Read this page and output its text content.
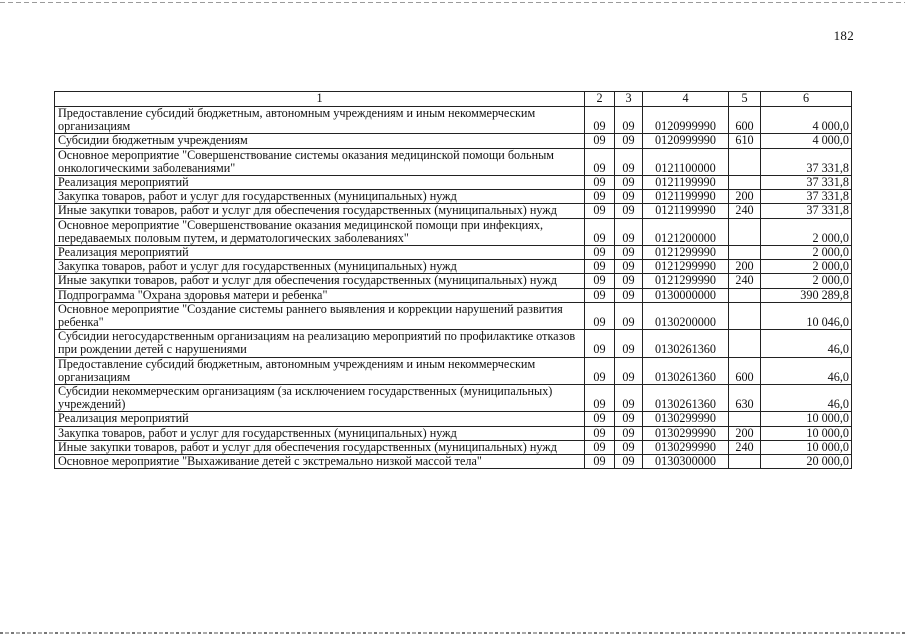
182
1	2	3	4	5	6
Предоставление субсидий бюджетным, автономным учреждениям и иным некоммерческим организациям	09	09	0120999990	600	4 000,0
Субсидии бюджетным учреждениям	09	09	0120999990	610	4 000,0
Основное мероприятие "Совершенствование системы оказания медицинской помощи больным онкологическими заболеваниями"	09	09	0121100000		37 331,8
Реализация мероприятий	09	09	0121199990		37 331,8
Закупка товаров, работ и услуг для государственных (муниципальных) нужд	09	09	0121199990	200	37 331,8
Иные закупки товаров, работ и услуг для обеспечения государственных (муниципальных) нужд	09	09	0121199990	240	37 331,8
Основное мероприятие "Совершенствование оказания медицинской помощи при инфекциях, передаваемых половым путем, и дерматологических заболеваниях"	09	09	0121200000		2 000,0
Реализация мероприятий	09	09	0121299990		2 000,0
Закупка товаров, работ и услуг для государственных (муниципальных) нужд	09	09	0121299990	200	2 000,0
Иные закупки товаров, работ и услуг для обеспечения государственных (муниципальных) нужд	09	09	0121299990	240	2 000,0
Подпрограмма "Охрана здоровья матери и ребенка"	09	09	0130000000		390 289,8
Основное мероприятие "Создание системы раннего выявления и коррекции нарушений развития ребенка"	09	09	0130200000		10 046,0
Субсидии негосударственным организациям на реализацию мероприятий по профилактике отказов при рождении детей с нарушениями	09	09	0130261360		46,0
Предоставление субсидий бюджетным, автономным учреждениям и иным некоммерческим организациям	09	09	0130261360	600	46,0
Субсидии некоммерческим организациям (за исключением государственных (муниципальных) учреждений)	09	09	0130261360	630	46,0
Реализация мероприятий	09	09	0130299990		10 000,0
Закупка товаров, работ и услуг для государственных (муниципальных) нужд	09	09	0130299990	200	10 000,0
Иные закупки товаров, работ и услуг для обеспечения государственных (муниципальных) нужд	09	09	0130299990	240	10 000,0
Основное мероприятие "Выхаживание детей с экстремально низкой массой тела"	09	09	0130300000		20 000,0
